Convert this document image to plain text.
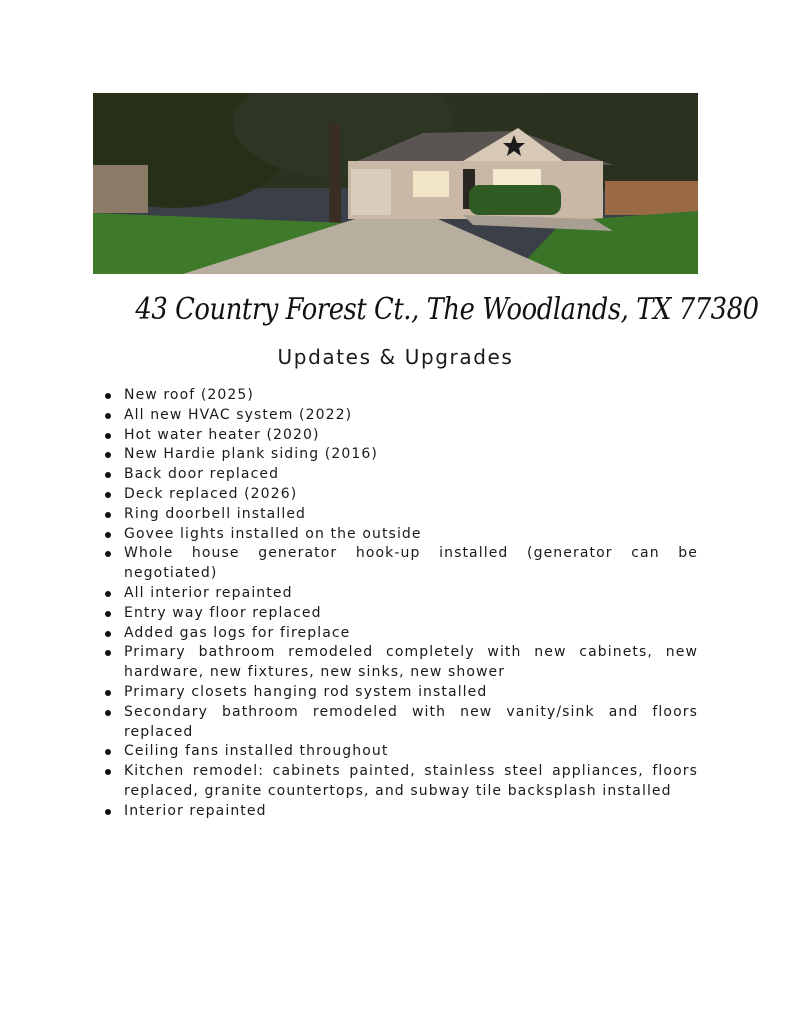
43 Country Forest Ct., The Woodlands, TX 77380
Updates & Upgrades
New roof (2025)
All new HVAC system (2022)
Hot water heater (2020)
New Hardie plank siding (2016)
Back door replaced
Deck replaced (2026)
Ring doorbell installed
Govee lights installed on the outside
Whole house generator hook-up installed (generator can be negotiated)
All interior repainted
Entry way floor replaced
Added gas logs for fireplace
Primary bathroom remodeled completely with new cabinets, new hardware, new fixtures, new sinks, new shower
Primary closets hanging rod system installed
Secondary bathroom remodeled with new vanity/sink and floors replaced
Ceiling fans installed throughout
Kitchen remodel: cabinets painted, stainless steel appliances, floors replaced, granite countertops, and subway tile backsplash installed
Interior repainted
